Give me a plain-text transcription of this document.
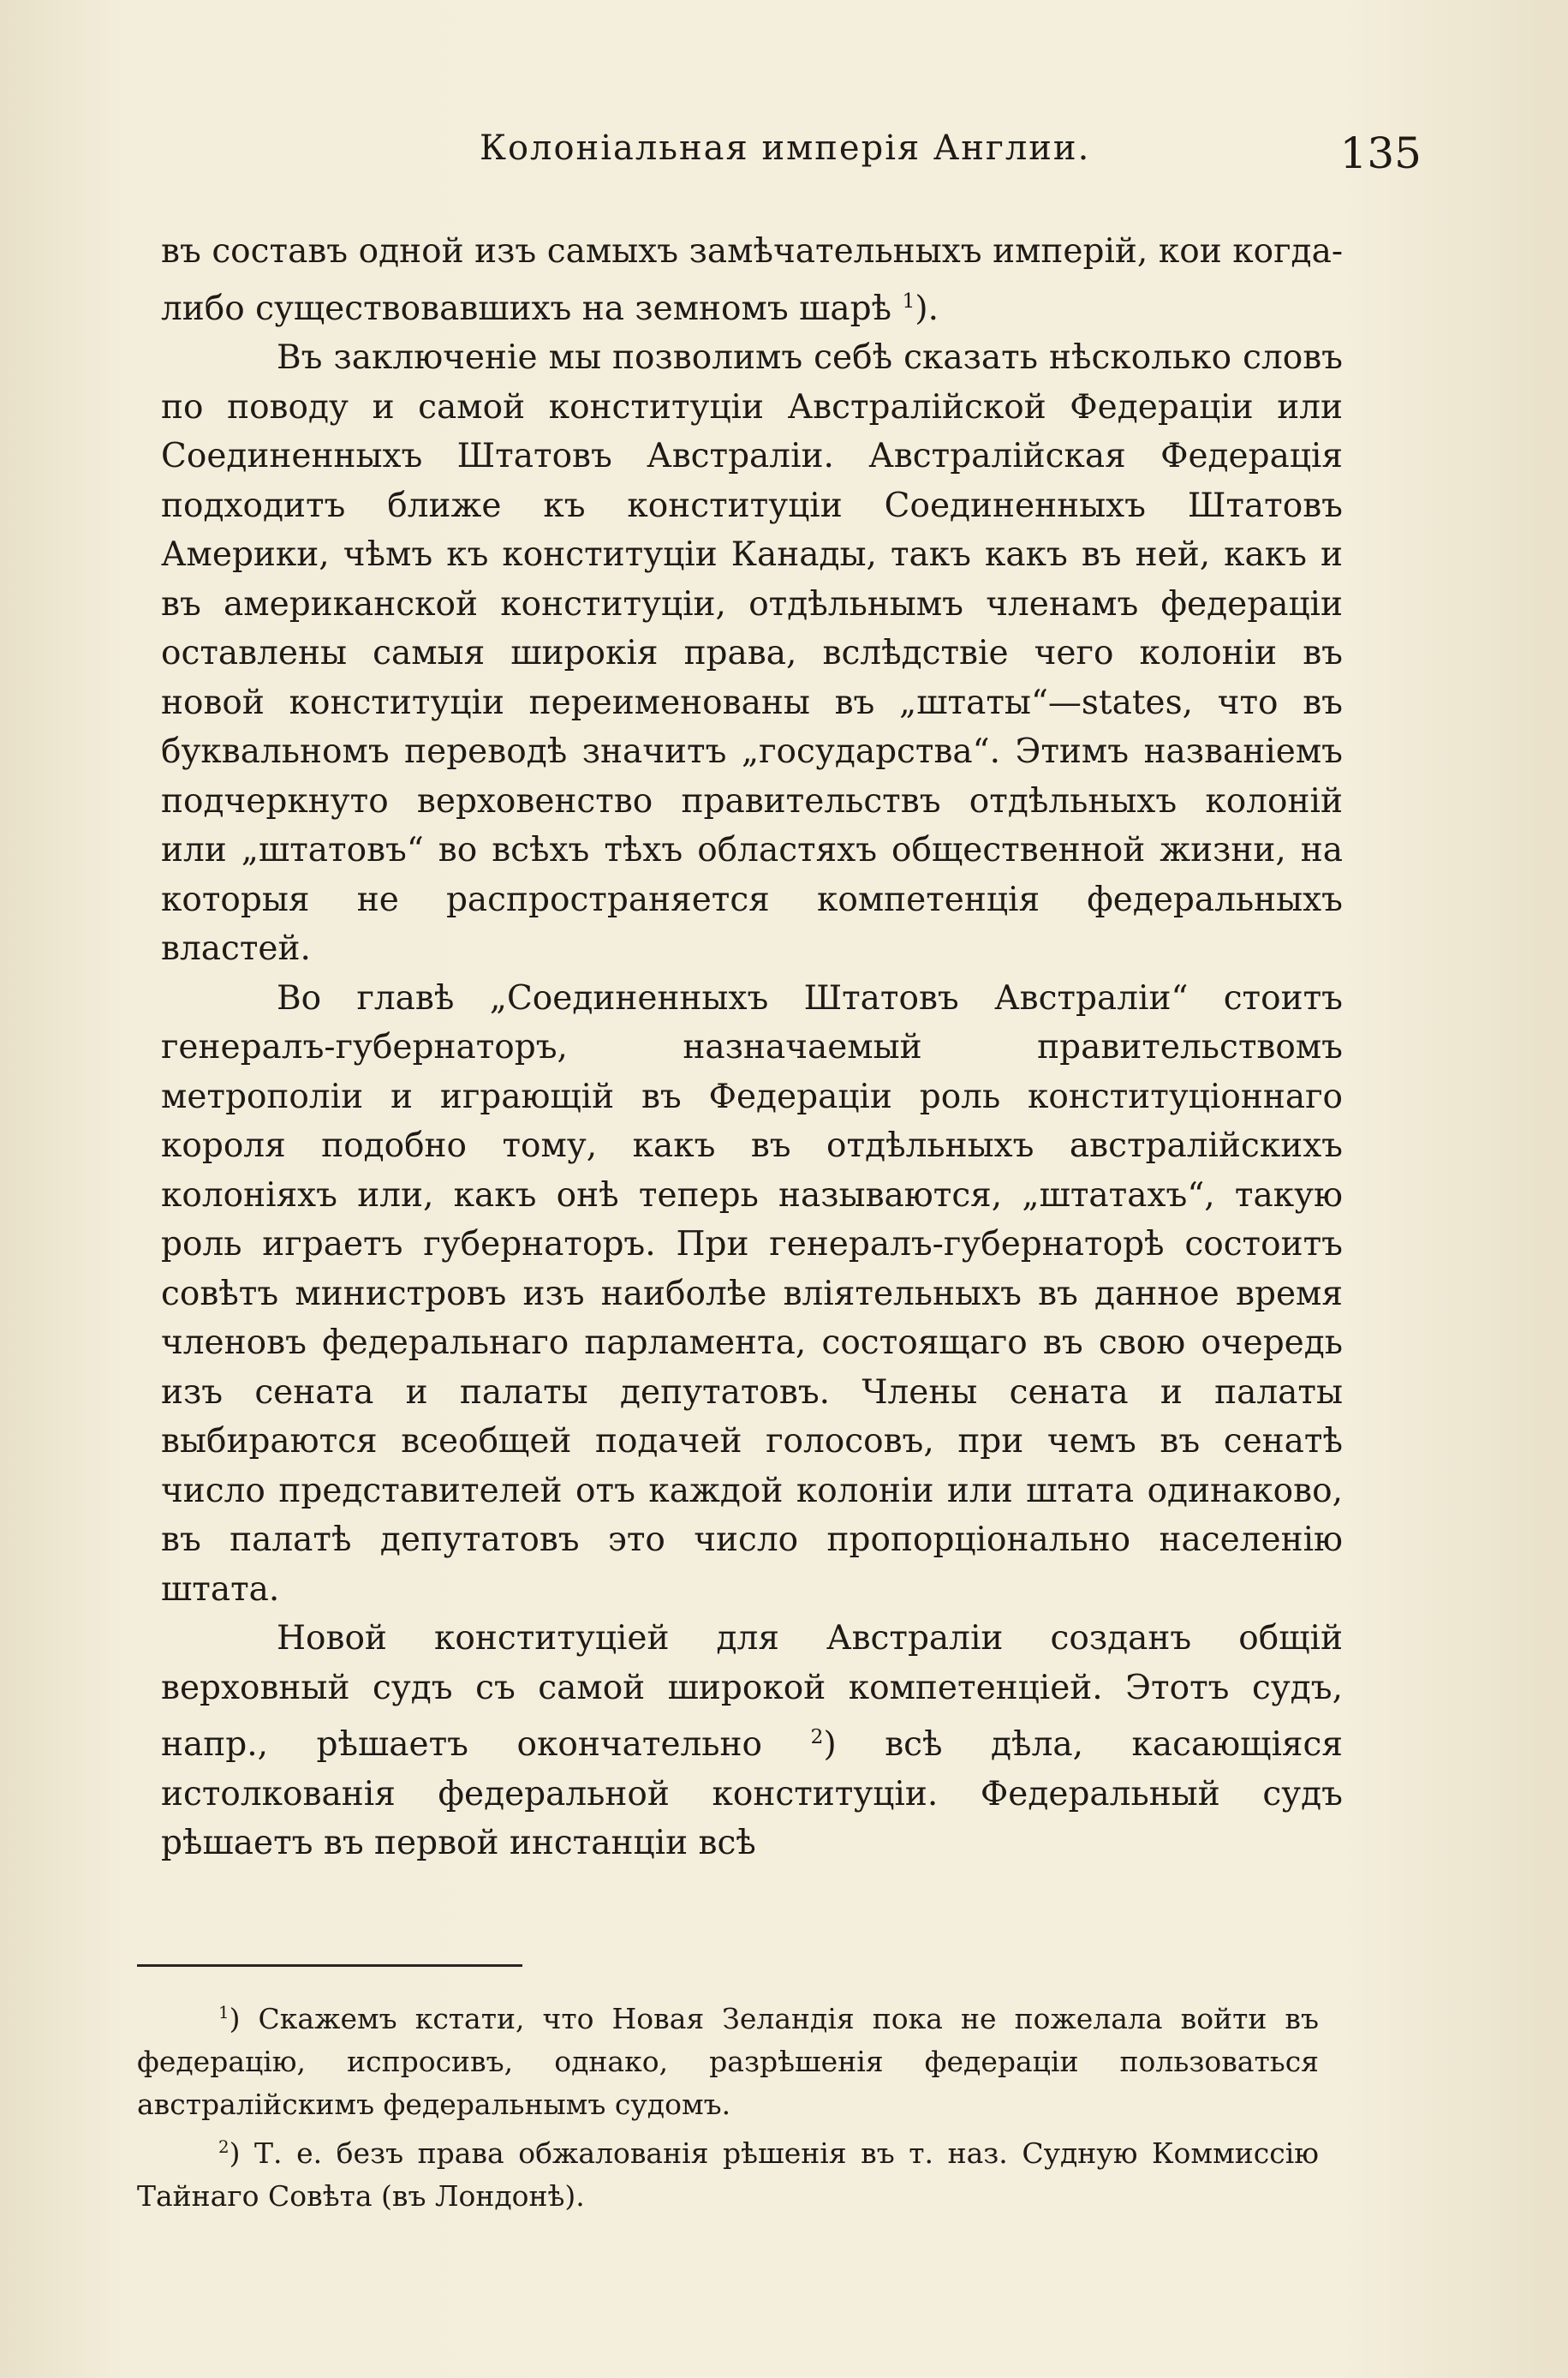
Колоніальная имперія Англии.	135

въ составъ одной изъ самыхъ замѣчательныхъ имперій, кои когда-либо существовавшихъ на земномъ шарѣ $^1$).

Въ заключеніе мы позволимъ себѣ сказать нѣсколько словъ по поводу и самой конституціи Австралійской Федераціи или Соединенныхъ Штатовъ Австраліи. Австралійская Федерація подходитъ ближе къ конституціи Соединенныхъ Штатовъ Америки, чѣмъ къ конституціи Канады, такъ какъ въ ней, какъ и въ американской конституціи, отдѣльнымъ членамъ федераціи оставлены самыя широкія права, вслѣдствіе чего колоніи въ новой конституціи переименованы въ „штаты“—states, что въ буквальномъ переводѣ значитъ „государства“. Этимъ названіемъ подчеркнуто верховенство правительствъ отдѣльныхъ колоній или „штатовъ“ во всѣхъ тѣхъ областяхъ общественной жизни, на которыя не распространяется компетенція федеральныхъ властей.

Во главѣ „Соединенныхъ Штатовъ Австраліи“ стоитъ генералъ-губернаторъ, назначаемый правительствомъ метрополіи и играющій въ Федераціи роль конституціоннаго короля подобно тому, какъ въ отдѣльныхъ австралійскихъ колоніяхъ или, какъ онѣ теперь называются, „штатахъ“, такую роль играетъ губернаторъ. При генералъ-губернаторѣ состоитъ совѣтъ министровъ изъ наиболѣе вліятельныхъ въ данное время членовъ федеральнаго парламента, состоящаго въ свою очередь изъ сената и палаты депутатовъ. Члены сената и палаты выбираются всеобщей подачей голосовъ, при чемъ въ сенатѣ число представителей отъ каждой колоніи или штата одинаково, въ палатѣ депутатовъ это число пропорціонально населенію штата.

Новой конституціей для Австраліи созданъ общій верховный судъ съ самой широкой компетенціей. Этотъ судъ, напр., рѣшаетъ окончательно $^2$) всѣ дѣла, касающіяся истолкованія федеральной конституціи. Федеральный судъ рѣшаетъ въ первой инстанціи всѣ

$^1$) Скажемъ кстати, что Новая Зеландія пока не пожелала войти въ федерацію, испросивъ, однако, разрѣшенія федераціи пользоваться австралійскимъ федеральнымъ судомъ.

$^2$) Т. е. безъ права обжалованія рѣшенія въ т. наз. Судную Коммиссію Тайнаго Совѣта (въ Лондонѣ).
